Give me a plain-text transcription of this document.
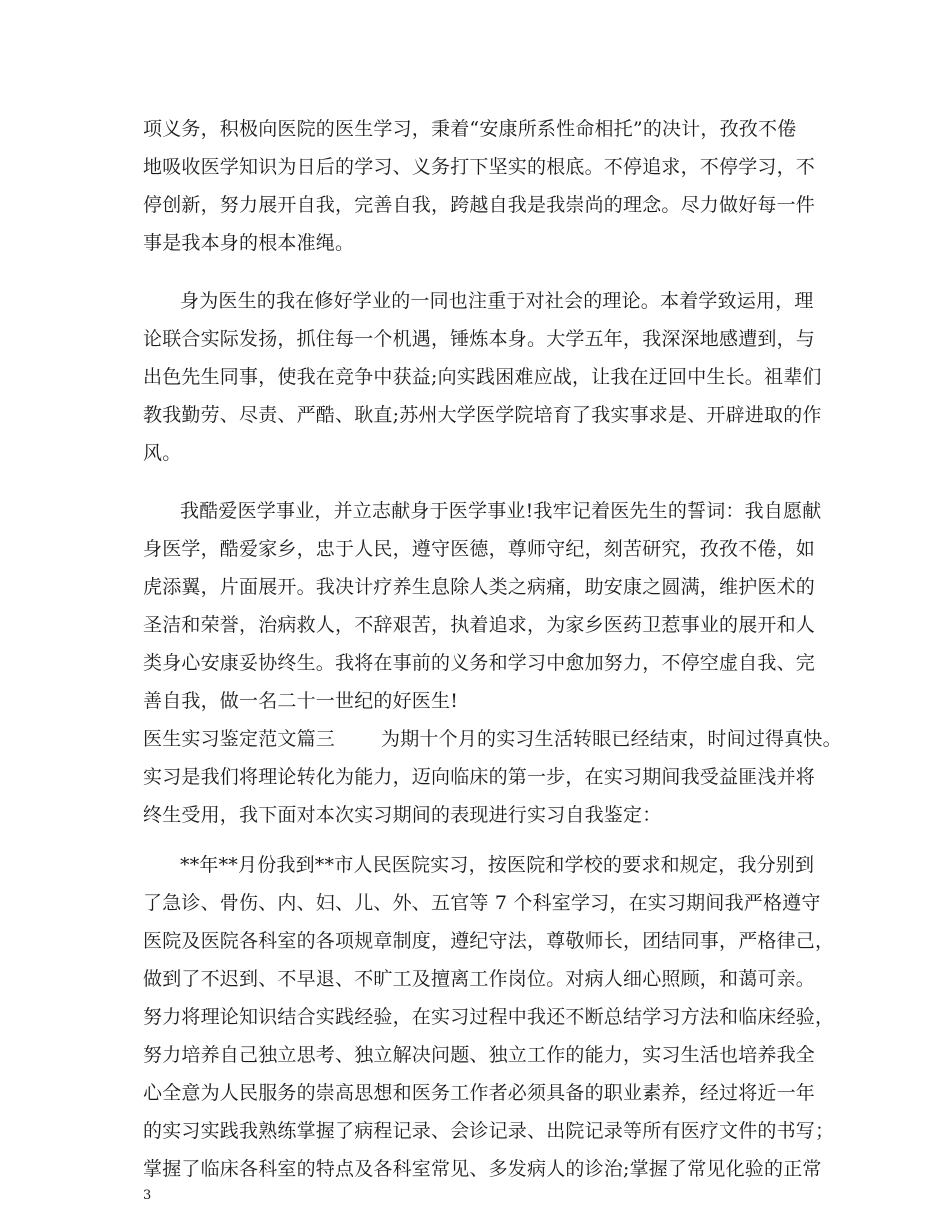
项义务，积极向医院的医生学习，秉着“安康所系性命相托”的决计，孜孜不倦
地吸收医学知识为日后的学习、义务打下坚实的根底。不停追求，不停学习，不
停创新，努力展开自我，完善自我，跨越自我是我崇尚的理念。尽力做好每一件
事是我本身的根本准绳。
身为医生的我在修好学业的一同也注重于对社会的理论。本着学致运用，理
论联合实际发扬，抓住每一个机遇，锤炼本身。大学五年，我深深地感遭到，与
出色先生同事，使我在竞争中获益;向实践困难应战，让我在迂回中生长。祖辈们
教我勤劳、尽责、严酷、耿直;苏州大学医学院培育了我实事求是、开辟进取的作
风。
我酷爱医学事业，并立志献身于医学事业!我牢记着医先生的誓词：我自愿献
身医学，酷爱家乡，忠于人民，遵守医德，尊师守纪，刻苦研究，孜孜不倦，如
虎添翼，片面展开。我决计疗养生息除人类之病痛，助安康之圆满，维护医术的
圣洁和荣誉，治病救人，不辞艰苦，执着追求，为家乡医药卫惹事业的展开和人
类身心安康妥协终生。我将在事前的义务和学习中愈加努力，不停空虚自我、完
善自我，做一名二十一世纪的好医生!
医生实习鉴定范文篇三 为期十个月的实习生活转眼已经结束，时间过得真快。
实习是我们将理论转化为能力，迈向临床的第一步，在实习期间我受益匪浅并将
终生受用，我下面对本次实习期间的表现进行实习自我鉴定：
**年**月份我到**市人民医院实习，按医院和学校的要求和规定，我分别到
了急诊、骨伤、内、妇、儿、外、五官等 7 个科室学习，在实习期间我严格遵守
医院及医院各科室的各项规章制度，遵纪守法，尊敬师长，团结同事，严格律己，
做到了不迟到、不早退、不旷工及擅离工作岗位。对病人细心照顾，和蔼可亲。
努力将理论知识结合实践经验，在实习过程中我还不断总结学习方法和临床经验，
努力培养自己独立思考、独立解决问题、独立工作的能力，实习生活也培养我全
心全意为人民服务的崇高思想和医务工作者必须具备的职业素养，经过将近一年
的实习实践我熟练掌握了病程记录、会诊记录、出院记录等所有医疗文件的书写；
掌握了临床各科室的特点及各科室常见、多发病人的诊治;掌握了常见化验的正常
3
